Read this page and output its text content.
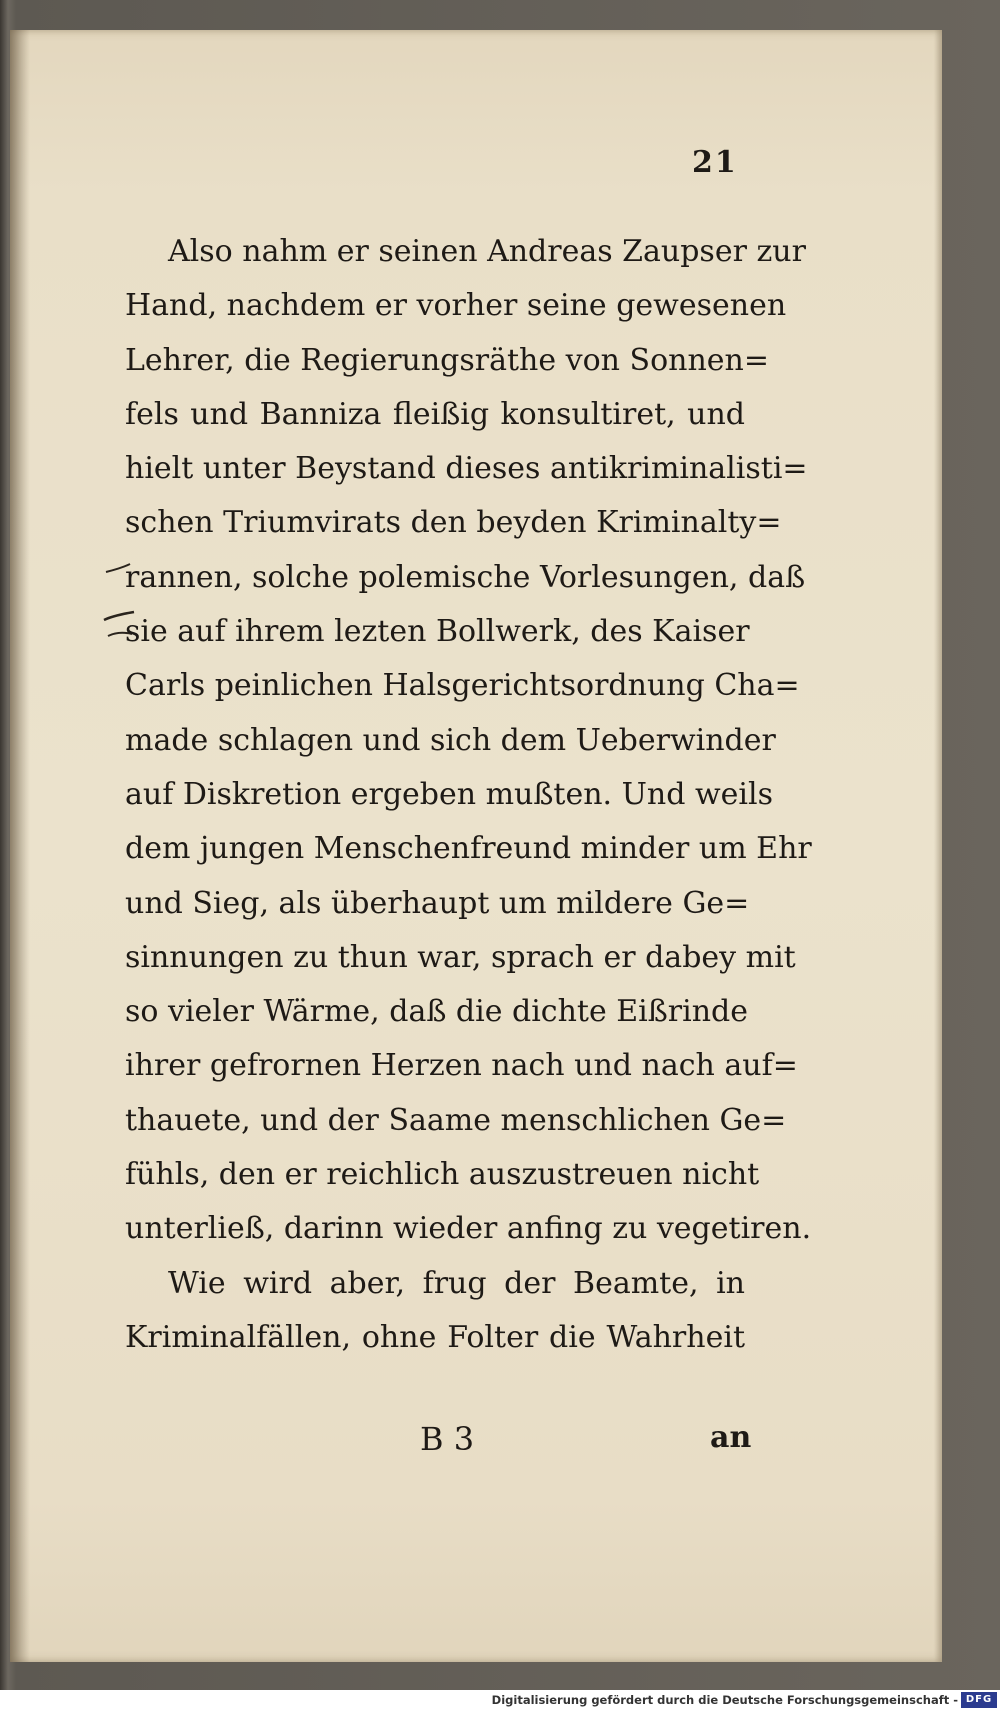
21
Also nahm er seinen Andreas Zaupser zur
Hand, nachdem er vorher seine gewesenen
Lehrer, die Regierungsräthe von Sonnen=
fels und Banniza fleißig konsultiret, und
hielt unter Beystand dieses antikriminalisti=
schen Triumvirats den beyden Kriminalty=
rannen, solche polemische Vorlesungen, daß
sie auf ihrem lezten Bollwerk, des Kaiser
Carls peinlichen Halsgerichtsordnung Cha=
made schlagen und sich dem Ueberwinder
auf Diskretion ergeben mußten. Und weils
dem jungen Menschenfreund minder um Ehr
und Sieg, als überhaupt um mildere Ge=
sinnungen zu thun war, sprach er dabey mit
so vieler Wärme, daß die dichte Eißrinde
ihrer gefrornen Herzen nach und nach auf=
thauete, und der Saame menschlichen Ge=
fühls, den er reichlich auszustreuen nicht
unterließ, darinn wieder anfing zu vegetiren.
Wie wird aber, frug der Beamte, in
Kriminalfällen, ohne Folter die Wahrheit
B 3	an
Digitalisierung gefördert durch die Deutsche Forschungsgemeinschaft - DFG
